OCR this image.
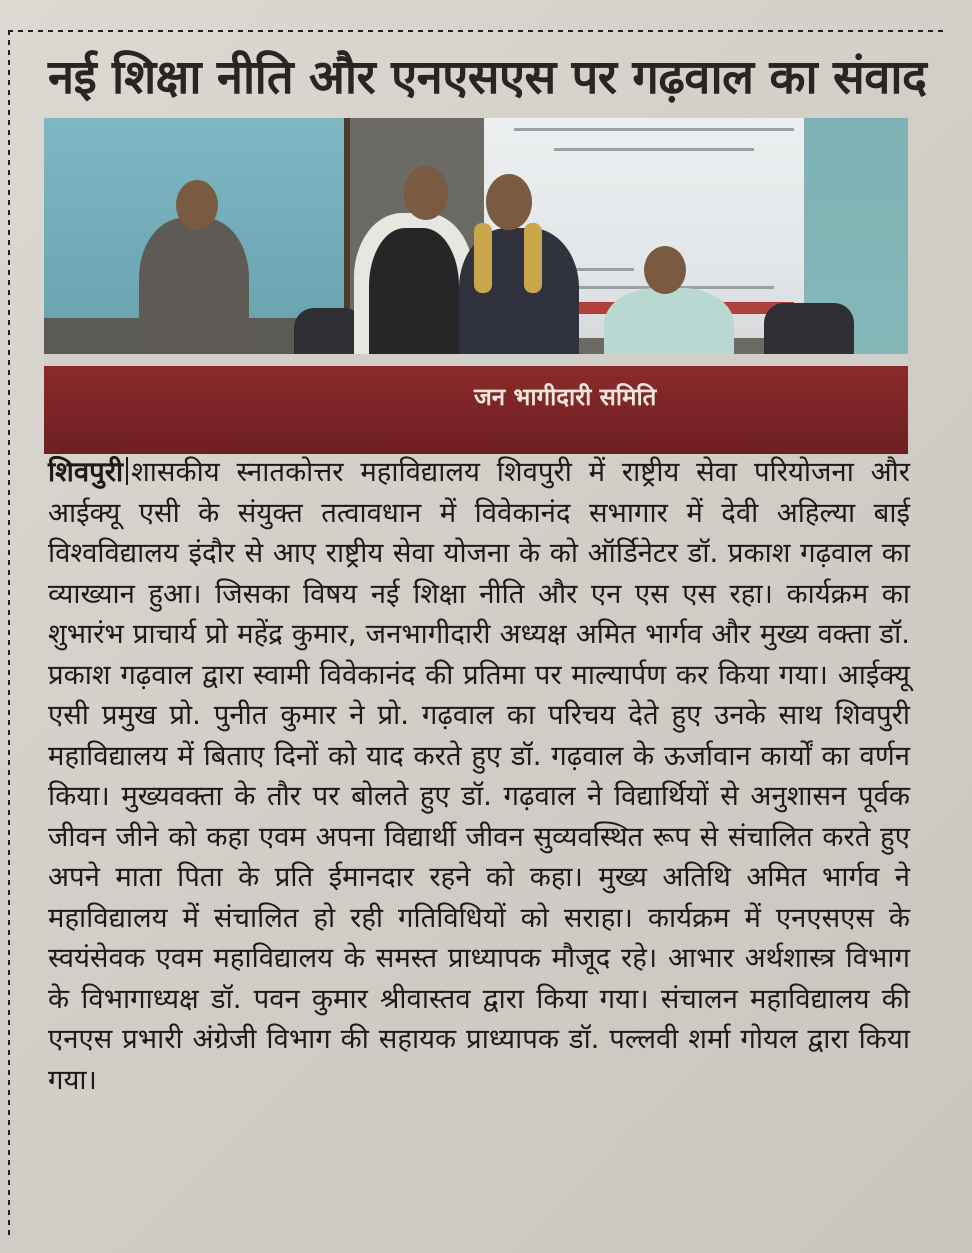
नई शिक्षा नीति और एनएसएस पर गढ़वाल का संवाद
जन भागीदारी समिति
शिवपुरी शासकीय स्नातकोत्तर महाविद्यालय शिवपुरी में राष्ट्रीय सेवा परियोजना और आईक्यू एसी के संयुक्त तत्वावधान में विवेकानंद सभागार में देवी अहिल्या बाई विश्वविद्यालय इंदौर से आए राष्ट्रीय सेवा योजना के को ऑर्डिनेटर डॉ. प्रकाश गढ़वाल का व्याख्यान हुआ। जिसका विषय नई शिक्षा नीति और एन एस एस रहा। कार्यक्रम का शुभारंभ प्राचार्य प्रो महेंद्र कुमार, जनभागीदारी अध्यक्ष अमित भार्गव और मुख्य वक्ता डॉ. प्रकाश गढ़वाल द्वारा स्वामी विवेकानंद की प्रतिमा पर माल्यार्पण कर किया गया। आईक्यू एसी प्रमुख प्रो. पुनीत कुमार ने प्रो. गढ़वाल का परिचय देते हुए उनके साथ शिवपुरी महाविद्यालय में बिताए दिनों को याद करते हुए डॉ. गढ़वाल के ऊर्जावान कार्यों का वर्णन किया। मुख्यवक्ता के तौर पर बोलते हुए डॉ. गढ़वाल ने विद्यार्थियों से अनुशासन पूर्वक जीवन जीने को कहा एवम अपना विद्यार्थी जीवन सुव्यवस्थित रूप से संचालित करते हुए अपने माता पिता के प्रति ईमानदार रहने को कहा। मुख्य अतिथि अमित भार्गव ने महाविद्यालय में संचालित हो रही गतिविधियों को सराहा। कार्यक्रम में एनएसएस के स्वयंसेवक एवम महाविद्यालय के समस्त प्राध्यापक मौजूद रहे। आभार अर्थशास्त्र विभाग के विभागाध्यक्ष डॉ. पवन कुमार श्रीवास्तव द्वारा किया गया। संचालन महाविद्यालय की एनएस प्रभारी अंग्रेजी विभाग की सहायक प्राध्यापक डॉ. पल्लवी शर्मा गोयल द्वारा किया गया।
